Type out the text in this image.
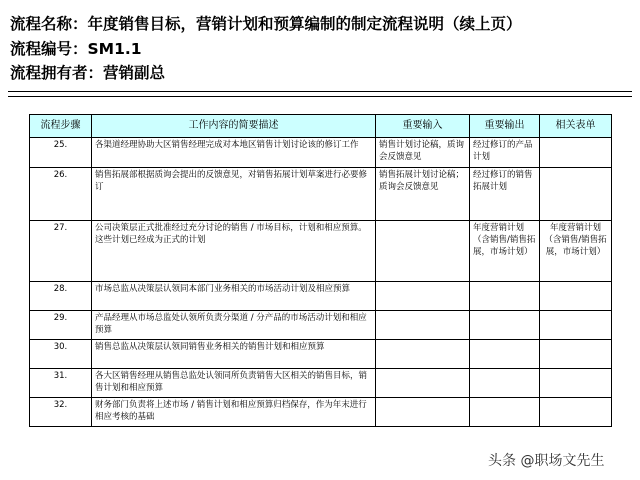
流程名称：年度销售目标，营销计划和预算编制的制定流程说明（续上页）
流程编号：SM1.1
流程拥有者：营销副总
流程步骤	工作内容的简要描述	重要输入	重要输出	相关表单
25.	各渠道经理协助大区销售经理完成对本地区销售计划讨论该的修订工作	销售计划讨论稿，质询会反馈意见	经过修订的产品计划	
26.	销售拓展部根据质询会提出的反馈意见，对销售拓展计划草案进行必要修订	销售拓展计划讨论稿；质询会反馈意见	经过修订的销售拓展计划	
27.	公司决策层正式批准经过充分讨论的销售 / 市场目标，计划和相应预算。这些计划已经成为正式的计划		年度营销计划（含销售/销售拓展，市场计划）	年度营销计划（含销售/销售拓展，市场计划）
28.	市场总监从决策层认领同本部门业务相关的市场活动计划及相应预算			
29.	产品经理从市场总监处认领所负责分渠道 / 分产品的市场活动计划和相应预算			
30.	销售总监从决策层认领同销售业务相关的销售计划和相应预算			
31.	各大区销售经理从销售总监处认领同所负责销售大区相关的销售目标，销售计划和相应预算			
32.	财务部门负责将上述市场 / 销售计划和相应预算归档保存，作为年末进行相应考核的基础			
头条 @职场文先生
